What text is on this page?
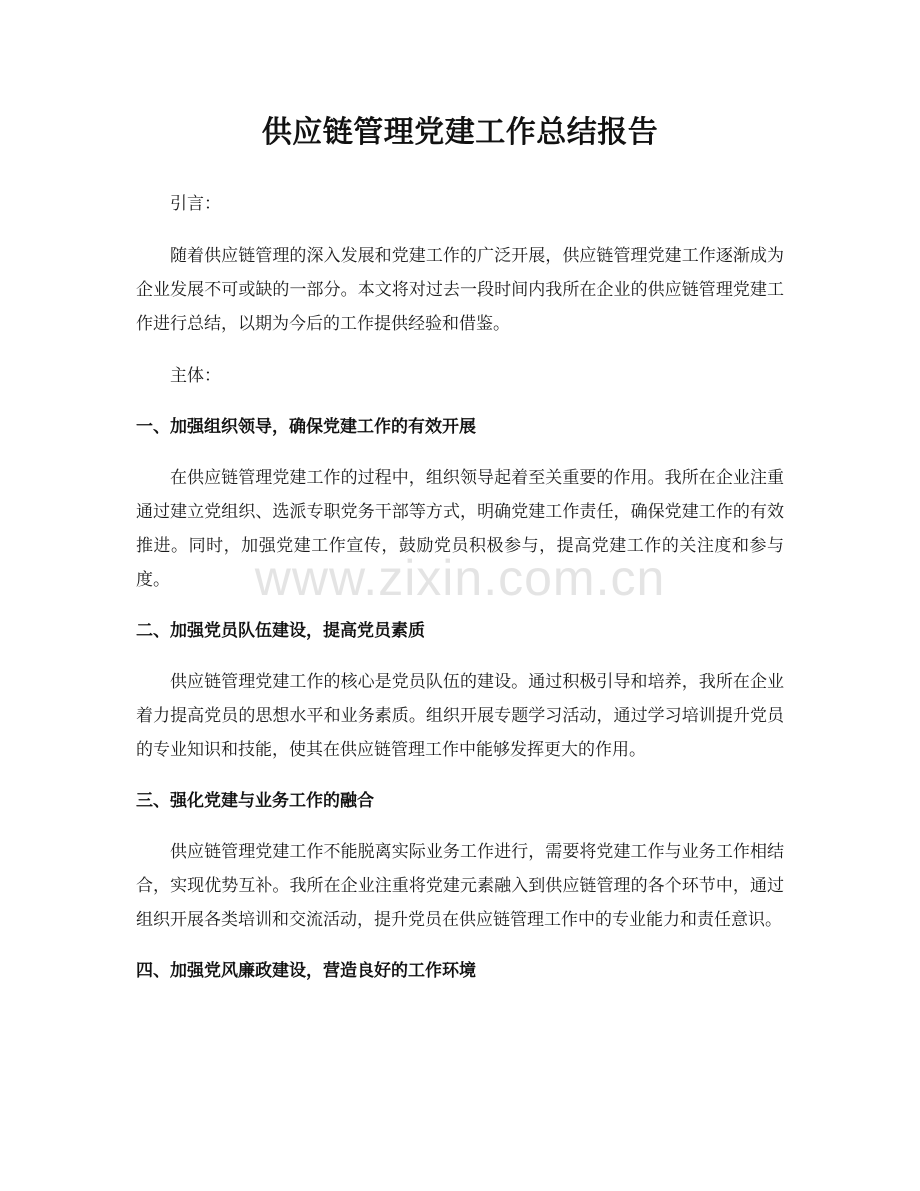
供应链管理党建工作总结报告

引言：

随着供应链管理的深入发展和党建工作的广泛开展，供应链管理党建工作逐渐成为企业发展不可或缺的一部分。本文将对过去一段时间内我所在企业的供应链管理党建工作进行总结，以期为今后的工作提供经验和借鉴。

主体：

一、加强组织领导，确保党建工作的有效开展

在供应链管理党建工作的过程中，组织领导起着至关重要的作用。我所在企业注重通过建立党组织、选派专职党务干部等方式，明确党建工作责任，确保党建工作的有效推进。同时，加强党建工作宣传，鼓励党员积极参与，提高党建工作的关注度和参与度。

二、加强党员队伍建设，提高党员素质

供应链管理党建工作的核心是党员队伍的建设。通过积极引导和培养，我所在企业着力提高党员的思想水平和业务素质。组织开展专题学习活动，通过学习培训提升党员的专业知识和技能，使其在供应链管理工作中能够发挥更大的作用。

三、强化党建与业务工作的融合

供应链管理党建工作不能脱离实际业务工作进行，需要将党建工作与业务工作相结合，实现优势互补。我所在企业注重将党建元素融入到供应链管理的各个环节中，通过组织开展各类培训和交流活动，提升党员在供应链管理工作中的专业能力和责任意识。

四、加强党风廉政建设，营造良好的工作环境
www.zixin.com.cn
